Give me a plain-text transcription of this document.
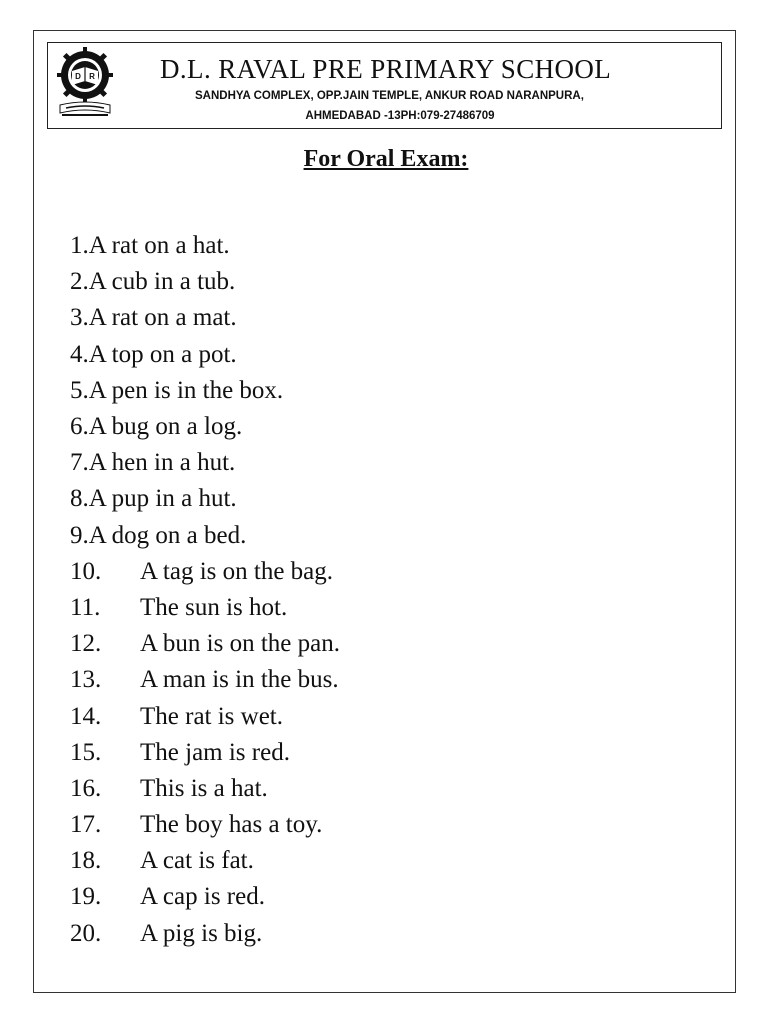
D R D.L. RAVAL PRE PRIMARY SCHOOL
SANDHYA COMPLEX, OPP.JAIN TEMPLE, ANKUR ROAD NARANPURA,
AHMEDABAD -13PH:079-27486709
For Oral Exam:
1. A rat on a hat.
2. A cub in a tub.
3. A rat on a mat.
4. A top on a pot.
5. A pen is in the box.
6. A bug on a log.
7. A hen in a hut.
8. A pup in a hut.
9. A dog on a bed.
10.	A tag is on the bag.
11.	The sun is hot.
12.	A bun is on the pan.
13.	A man is in the bus.
14.	The rat is wet.
15.	The jam is red.
16.	This is a hat.
17.	The boy has a toy.
18.	A cat is fat.
19.	A cap is red.
20.	A pig is big.
